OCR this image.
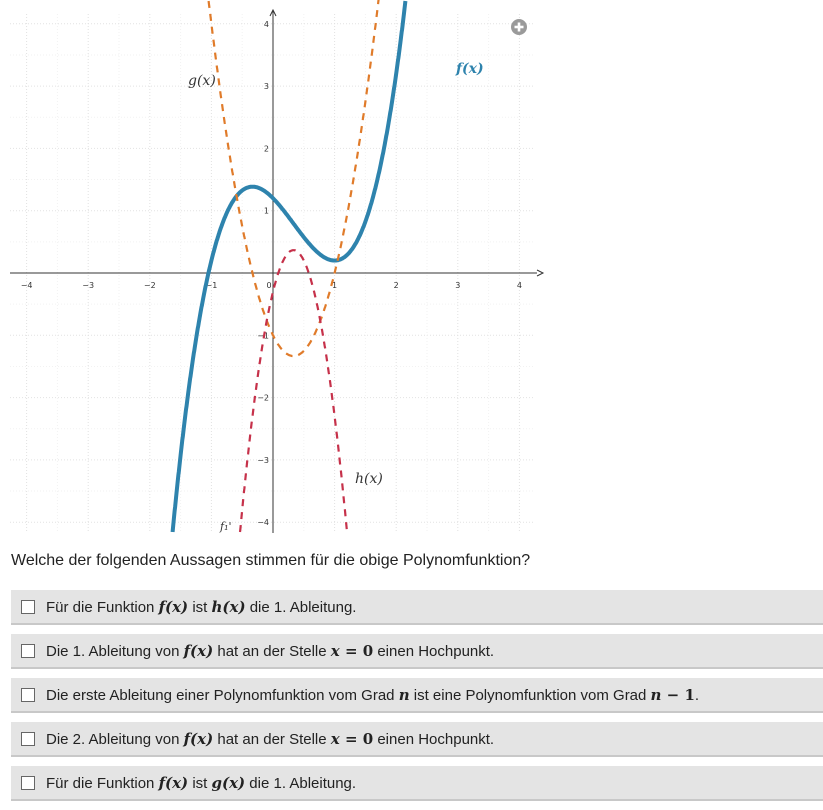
−4	−3	−2	−1	0	1	2	3	4
−4
−3
−2
−1
1
2
3
4
f(x)
g(x)
h(x)
f₁'
Welche der folgenden Aussagen stimmen für die obige Polynomfunktion?
Für die Funktion f(x) ist h(x) die 1. Ableitung.
Die 1. Ableitung von f(x) hat an der Stelle x = 0 einen Hochpunkt.
Die erste Ableitung einer Polynomfunktion vom Grad n ist eine Polynomfunktion vom Grad n − 1.
Die 2. Ableitung von f(x) hat an der Stelle x = 0 einen Hochpunkt.
Für die Funktion f(x) ist g(x) die 1. Ableitung.
